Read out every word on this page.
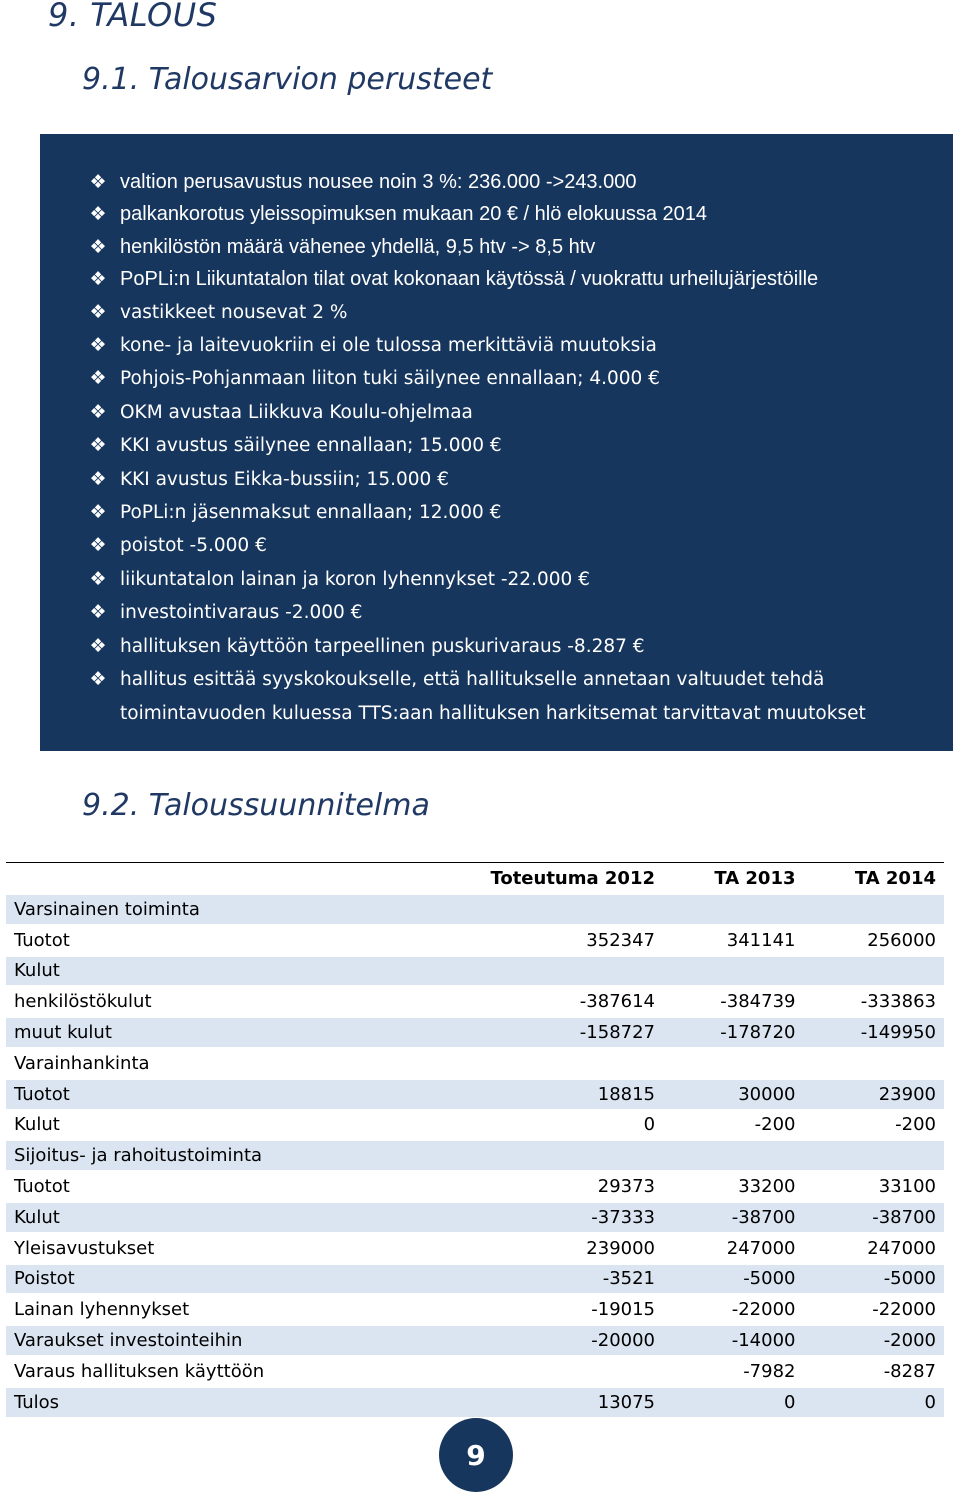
9. TALOUS
9.1. Talousarvion perusteet
❖ valtion perusavustus nousee noin 3 %: 236.000 ->243.000
❖ palkankorotus yleissopimuksen mukaan 20 € / hlö elokuussa 2014
❖ henkilöstön määrä vähenee yhdellä, 9,5 htv -> 8,5 htv
❖ PoPLi:n Liikuntatalon tilat ovat kokonaan käytössä / vuokrattu urheilujärjestöille
❖ vastikkeet nousevat 2 %
❖ kone- ja laitevuokriin ei ole tulossa merkittäviä muutoksia
❖ Pohjois-Pohjanmaan liiton tuki säilynee ennallaan; 4.000 €
❖ OKM avustaa Liikkuva Koulu-ohjelmaa
❖ KKI avustus säilynee ennallaan; 15.000 €
❖ KKI avustus Eikka-bussiin; 15.000 €
❖ PoPLi:n jäsenmaksut ennallaan; 12.000 €
❖ poistot -5.000 €
❖ liikuntatalon lainan ja koron lyhennykset -22.000 €
❖ investointivaraus -2.000 €
❖ hallituksen käyttöön tarpeellinen puskurivaraus -8.287 €
❖ hallitus esittää syyskokoukselle, että hallitukselle annetaan valtuudet tehdä
toimintavuoden kuluessa TTS:aan hallituksen harkitsemat tarvittavat muutokset
9.2. Taloussuunnitelma
	Toteutuma 2012	TA 2013	TA 2014
Varsinainen toiminta			
Tuotot	352347	341141	256000
Kulut			
henkilöstökulut	-387614	-384739	-333863
muut kulut	-158727	-178720	-149950
Varainhankinta			
Tuotot	18815	30000	23900
Kulut	0	-200	-200
Sijoitus- ja rahoitustoiminta			
Tuotot	29373	33200	33100
Kulut	-37333	-38700	-38700
Yleisavustukset	239000	247000	247000
Poistot	-3521	-5000	-5000
Lainan lyhennykset	-19015	-22000	-22000
Varaukset investointeihin	-20000	-14000	-2000
Varaus hallituksen käyttöön		-7982	-8287
Tulos	13075	0	0
9
